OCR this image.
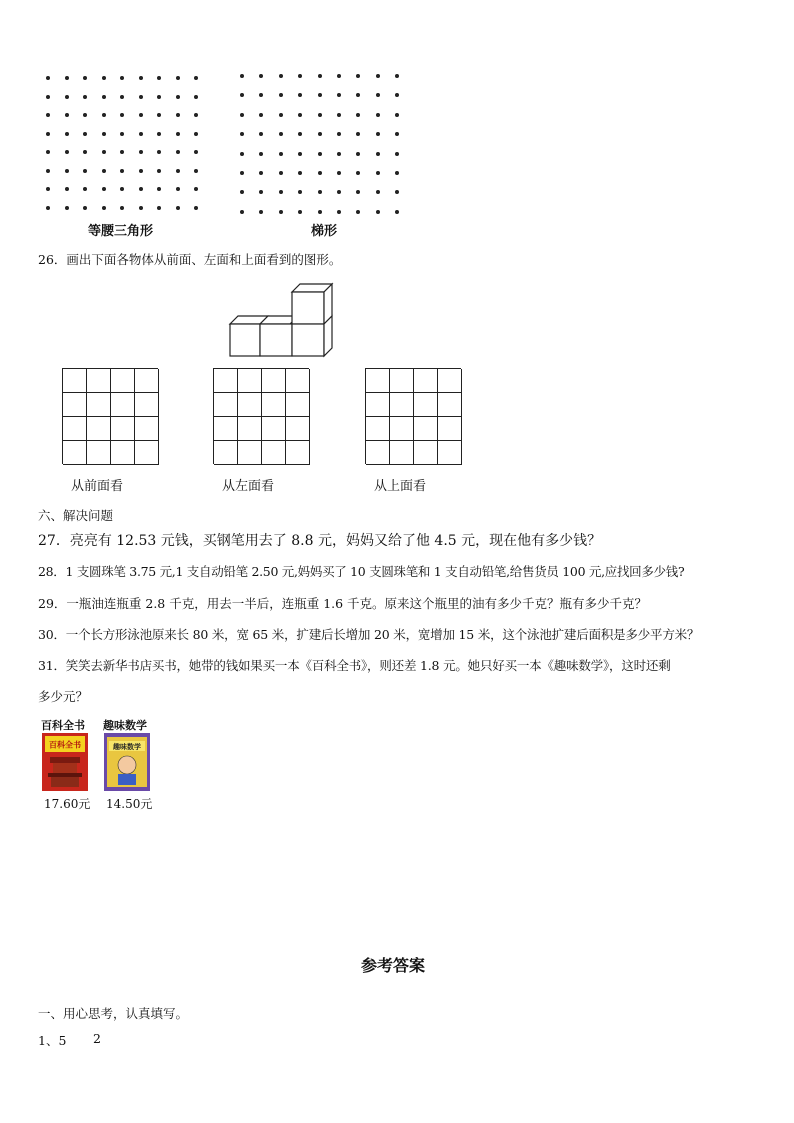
等腰三角形	梯形
26．画出下面各物体从前面、左面和上面看到的图形。
从前面看	从左面看	从上面看
六、解决问题
27．亮亮有 12.53 元钱，买钢笔用去了 8.8 元，妈妈又给了他 4.5 元，现在他有多少钱？
28．1 支圆珠笔 3.75 元,1 支自动铅笔 2.50 元,妈妈买了 10 支圆珠笔和 1 支自动铅笔,给售货员 100 元,应找回多少钱?
29．一瓶油连瓶重 2.8 千克，用去一半后，连瓶重 1.6 千克。原来这个瓶里的油有多少千克？瓶有多少千克？
30．一个长方形泳池原来长 80 米，宽 65 米，扩建后长增加 20 米，宽增加 15 米，这个泳池扩建后面积是多少平方米？
31．笑笑去新华书店买书，她带的钱如果买一本《百科全书》，则还差 1.8 元。她只好买一本《趣味数学》，这时还剩
多少元？
百科全书 趣味数学
百科全书	趣味数学
17.60元 14.50元
参考答案
一、用心思考，认真填写。
1、5 2
